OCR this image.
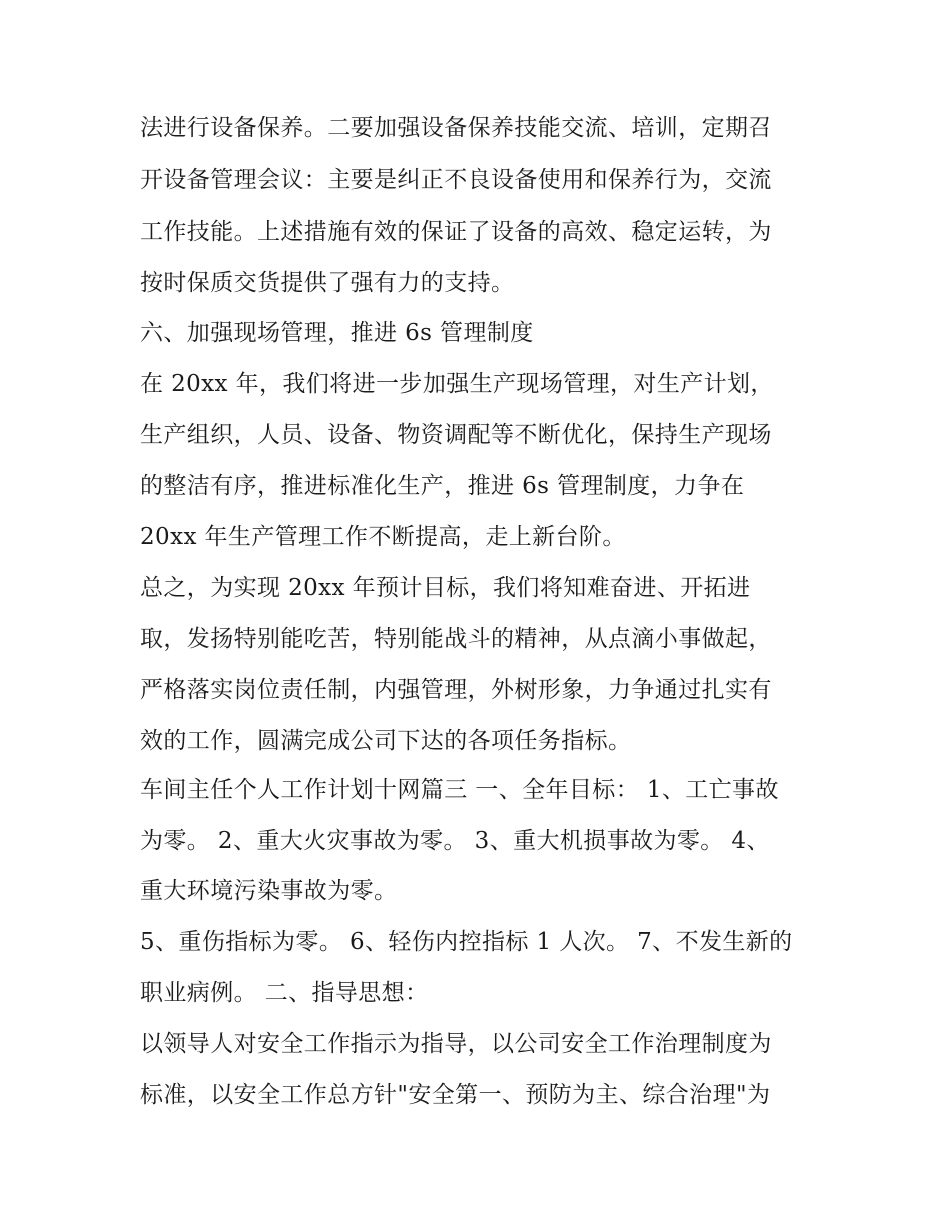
法进行设备保养。二要加强设备保养技能交流、培训，定期召
开设备管理会议：主要是纠正不良设备使用和保养行为，交流
工作技能。上述措施有效的保证了设备的高效、稳定运转，为
按时保质交货提供了强有力的支持。
六、加强现场管理，推进 6s 管理制度
在 20xx 年，我们将进一步加强生产现场管理，对生产计划，
生产组织，人员、设备、物资调配等不断优化，保持生产现场
的整洁有序，推进标准化生产，推进 6s 管理制度，力争在
20xx 年生产管理工作不断提高，走上新台阶。
总之，为实现 20xx 年预计目标，我们将知难奋进、开拓进
取，发扬特别能吃苦，特别能战斗的精神，从点滴小事做起，
严格落实岗位责任制，内强管理，外树形象，力争通过扎实有
效的工作，圆满完成公司下达的各项任务指标。
车间主任个人工作计划十网篇三 一、全年目标： 1、工亡事故
为零。 2、重大火灾事故为零。 3、重大机损事故为零。 4、
重大环境污染事故为零。
5、重伤指标为零。 6、轻伤内控指标 1 人次。 7、不发生新的
职业病例。 二、指导思想：
以领导人对安全工作指示为指导，以公司安全工作治理制度为
标准，以安全工作总方针"安全第一、预防为主、综合治理"为
